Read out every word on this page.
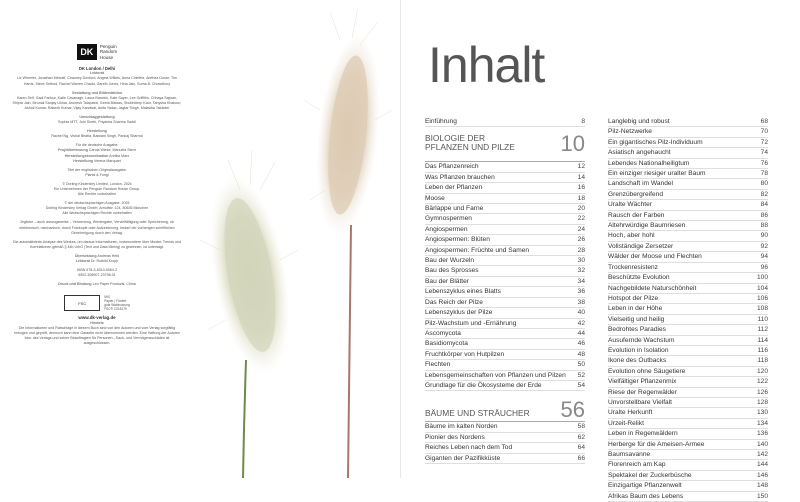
DK
Penguin
Random
House

DK London / Delhi

Lektorat

Liz Wheeler, Jonathan Metcalf, Chauney Dunford, Angela Wilkes, Anna Chiefetz, Alethea Doran, Tim Harris, Steve Setford, Rachel Warren Chadd, Gareth Jones, Hina Jain, Suma B. Chowdhury

Gestaltung und Bildredaktion

Karen Self, Gadi Farfour, Katie Cavanagh, Laura Barwick, Kate Sayer, Lee Griffiths, Chhaya Sajwan, Shipra Jain, Mrunali Sanjay Likhar, Arunesh Talapatra, Geeta Biswas, Shubhdeep Kaur, Tanysha Khatoon, Ashok Kumar, Rakesh Kumar, Vijay Kandwal, Anita Yadav, Jagtar Singh, Malavika Talukder

Umschlaggestaltung

Sophia MTT, Juhi Sheth, Priyanka Sharma Saddi

Herstellung

Rachel Ng, Vishal Bhatia, Balwant Singh, Pankaj Sharma

Für die deutsche Ausgabe:

Projektbetreuung Carola Wiese, Manuela Stern

Herstellungskoordination Annika Marx

Herstellung Verena Marquart

Titel der englischen Originalausgabe:

Plants & Fungi

© Dorling Kindersley Limited, London, 2024

Ein Unternehmen der Penguin Random House Group,

Alle Rechte vorbehalten

© der deutschsprachigen Ausgabe: 2025

Dorling Kindersley Verlag GmbH, Arnulfstr. 124, 80636 München

Alle deutschsprachigen Rechte vorbehalten

Jegliche – auch auszugsweise – Verwertung, Wiedergabe, Vervielfältigung oder Speicherung, ob elektronisch, mechanisch, durch Fotokopie oder Aufzeichnung, bedarf der vorherigen schriftlichen Genehmigung durch den Verlag.

Die automatisierte Analyse des Werkes, um daraus Informationen, insbesondere über Muster, Trends und Korrelationen gemäß § 44b UrhG (Text und Data Mining) zu gewinnen, ist untersagt.

Übersetzung Andreas Held

Lektorat Dr. Ruthild Kropp

ISBN 978-3-8310-5064-2

5902-308907-23798-01

Druck und Bindung Leo Paper Products, China

FSC
MIX
Papier | Fördert
gute Waldnutzung
FSC® C018179

www.dk-verlag.de

Hinweis

Die Informationen und Ratschläge in diesem Buch sind von den Autoren und vom Verlag sorgfältig erwogen und geprüft, dennoch kann eine Garantie nicht übernommen werden. Eine Haftung der Autoren bzw. des Verlags und seiner Beauftragten für Personen-, Sach- und Vermögensschäden ist ausgeschlossen.

Inhalt
Einführung	8
BIOLOGIE DER
PFLANZEN UND PILZE	10
Das Pflanzenreich	12
Was Pflanzen brauchen	14
Leben der Pflanzen	16
Moose	18
Bärlappe und Farne	20
Gymnospermen	22
Angiospermen	24
Angiospermen: Blüten	26
Angiospermen: Früchte und Samen	28
Bau der Wurzeln	30
Bau des Sprosses	32
Bau der Blätter	34
Lebenszyklus eines Blatts	36
Das Reich der Pilze	38
Lebenszyklus der Pilze	40
Pilz-Wachstum und -Ernährung	42
Ascomycota	44
Basidiomycota	46
Fruchtkörper von Hutpilzen	48
Flechten	50
Lebensgemeinschaften von Pflanzen und Pilzen 52
Grundlage für die Ökosysteme der Erde	54
BÄUME UND STRÄUCHER 56
Bäume im kalten Norden	58
Pionier des Nordens	62
Reiches Leben nach dem Tod	64
Giganten der Pazifikküste	66
Langlebig und robust	68
Pilz-Netzwerke	70
Ein gigantisches Pilz-Individuum	72
Asiatisch angehaucht	74
Lebendes Nationalheiligtum	76
Ein einziger riesiger uralter Baum	78
Landschaft im Wandel	80
Grenzübergreifend	82
Uralte Wächter	84
Rausch der Farben	86
Altehrwürdige Baumriesen	88
Hoch, aber hohl	90
Vollständige Zersetzer	92
Wälder der Moose und Flechten	94
Trockenresistenz	96
Beschützte Evolution	100
Nachgebildete Naturschönheit	104
Hotspot der Pilze	106
Leben in der Höhe	108
Vielseitig und heilig	110
Bedrohtes Paradies	112
Ausufernde Wachstum	114
Evolution in Isolation	116
Ikone des Outbacks	118
Evolution ohne Säugetiere	120
Vielfältiger Pflanzenmix	122
Riese der Regenwälder	126
Unvorstellbare Vielfalt	128
Uralte Herkunft	130
Urzeit-Relikt	134
Leben in Regenwäldern	136
Herberge für die Ameisen-Armee	140
Baumsavanne	142
Florenreich am Kap	144
Spektakel der Zuckerbüsche	146
Einzigartige Pflanzenwelt	148
Afrikas Baum des Lebens	150
